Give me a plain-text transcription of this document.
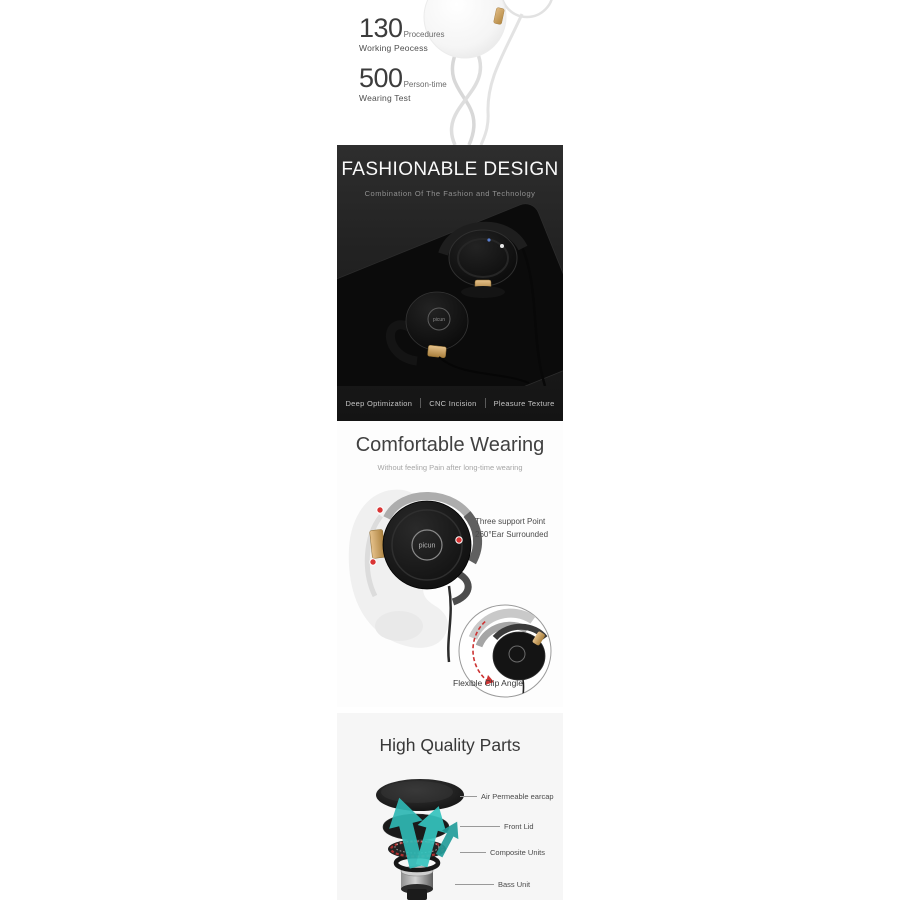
130 Procedures
Working Peocess
500 Person-time
Wearing Test
FASHIONABLE DESIGN
Combination Of The Fashion and Technology
picun
Deep Optimization CNC Incision Pleasure Texture
Comfortable Wearing
Without feeling Pain after long-time wearing
picun
Three support Point
260°Ear Surrounded
Flexible Clip Angle
High Quality Parts
Air Permeable earcap
Front Lid
Composite Units
Bass Unit
